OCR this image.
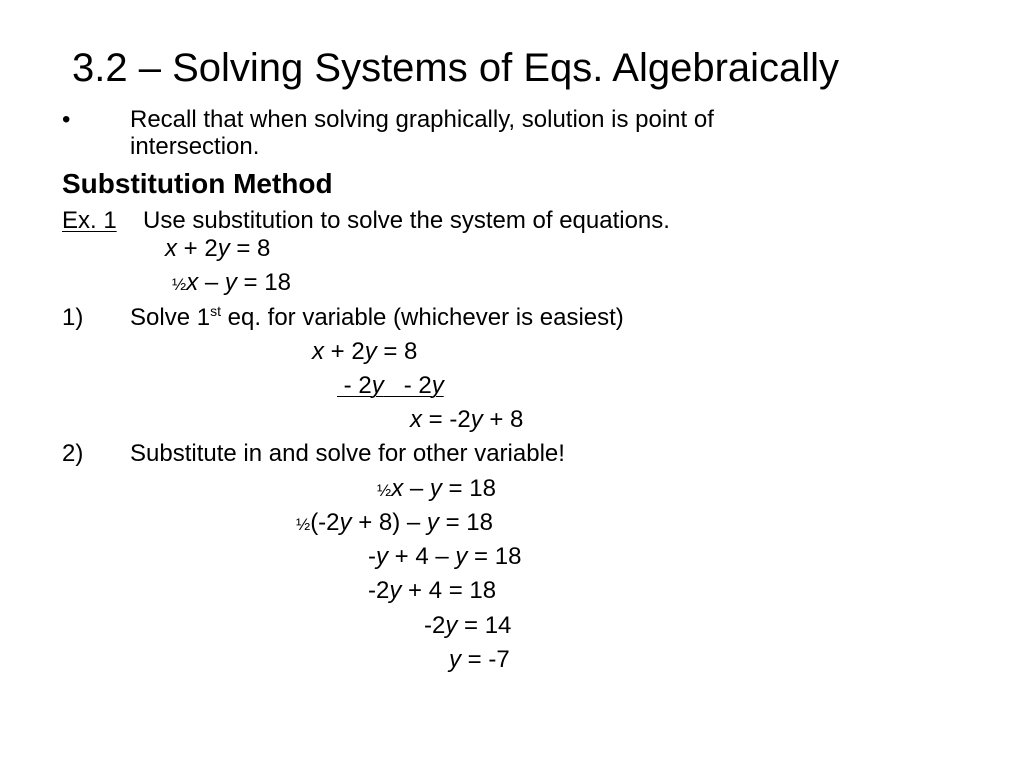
3.2 – Solving Systems of Eqs. Algebraically
• Recall that when solving graphically, solution is point of
intersection.
Substitution Method
Ex. 1 Use substitution to solve the system of equations.
x + 2y = 8
½x – y = 18
1) Solve 1st eq. for variable (whichever is easiest)
x + 2y = 8
- 2y   - 2y
x = -2y + 8
2) Substitute in and solve for other variable!
½x – y = 18
½(-2y + 8) – y = 18
-y + 4 – y = 18
-2y + 4 = 18
-2y = 14
y = -7
